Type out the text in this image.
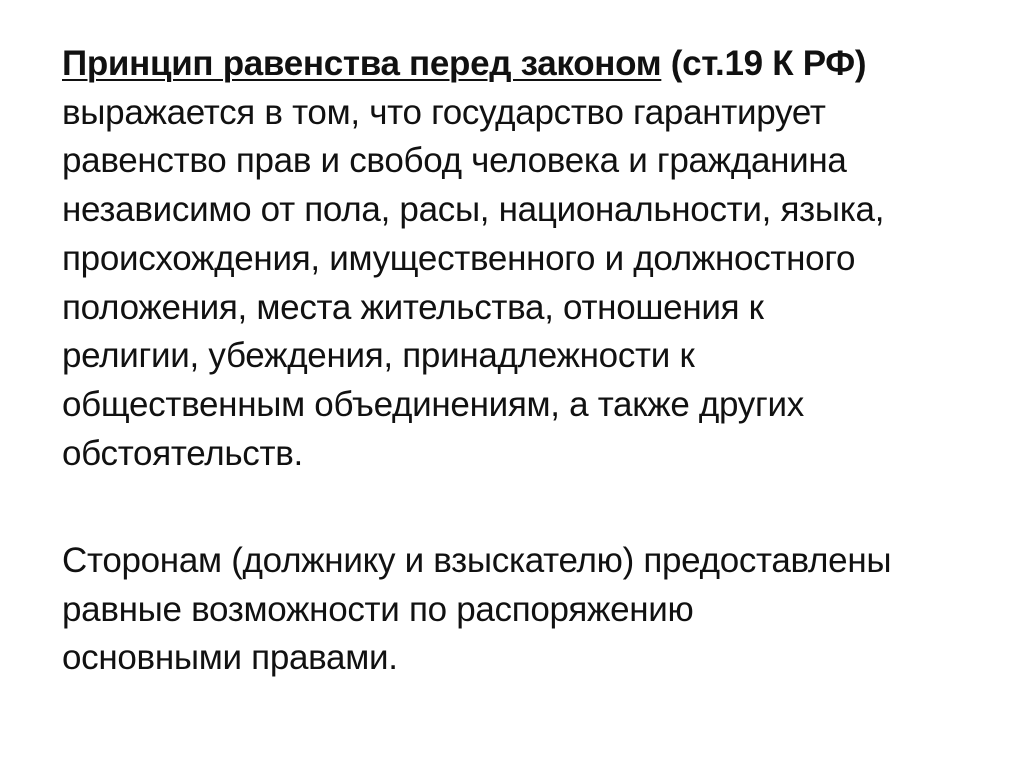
Принцип равенства перед законом (ст.19 К РФ)
выражается в том, что государство гарантирует
равенство прав и свобод человека и гражданина
независимо от пола, расы, национальности, языка,
происхождения, имущественного и должностного
положения, места жительства, отношения к
религии, убеждения, принадлежности к
общественным объединениям, а также других
обстоятельств.
Сторонам (должнику и взыскателю) предоставлены
равные возможности по распоряжению
основными правами.
